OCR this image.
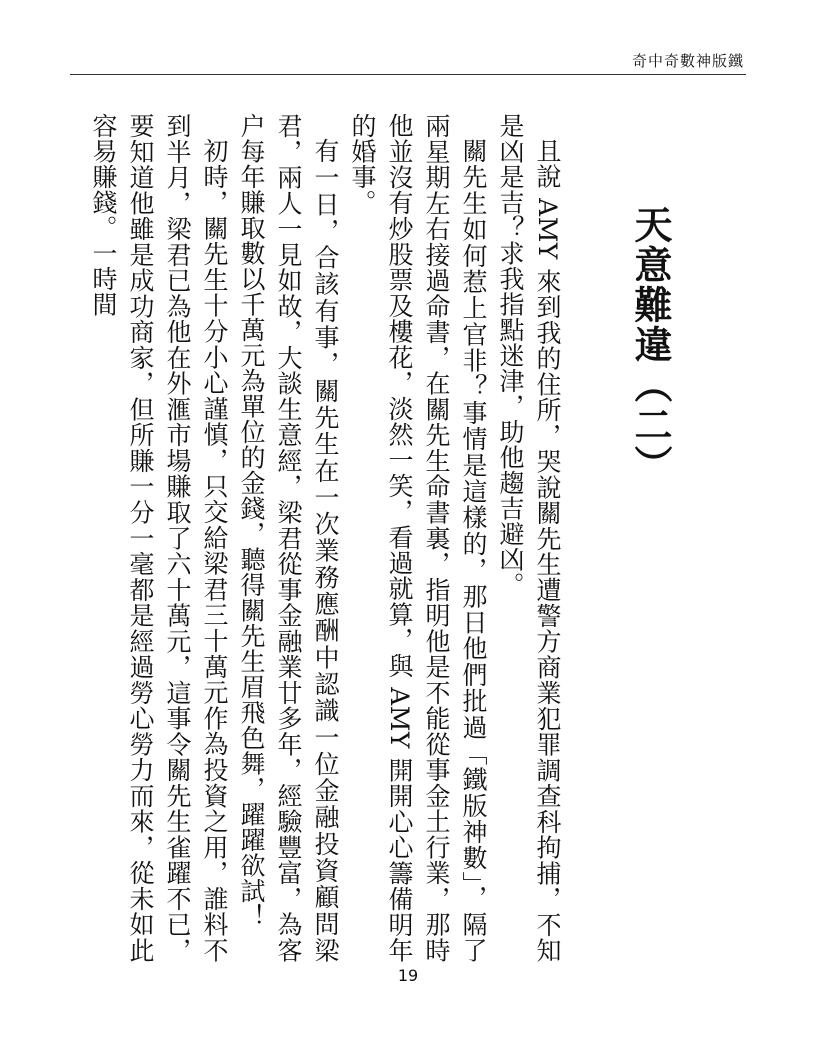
奇中奇數神版鐵
天意難違（二）

且說 AMY 來到我的住所，哭說關先生遭警方商業犯罪調查科拘捕，不知是凶是吉？求我指點迷津，助他趨吉避凶。

關先生如何惹上官非？事情是這樣的，那日他們批過「鐵版神數」，隔了兩星期左右接過命書，在關先生命書裏，指明他是不能從事金土行業，那時他並沒有炒股票及樓花，淡然一笑，看過就算，與 AMY 開開心心籌備明年的婚事。

有一日，合該有事，關先生在一次業務應酬中認識一位金融投資顧問梁君，兩人一見如故，大談生意經，梁君從事金融業廿多年，經驗豐富，為客户每年賺取數以千萬元為單位的金錢，聽得關先生眉飛色舞，躍躍欲試！

初時，關先生十分小心謹慎，只交給梁君三十萬元作為投資之用，誰料不到半月，梁君已為他在外滙市場賺取了六十萬元，這事令關先生雀躍不已，要知道他雖是成功商家，但所賺一分一毫都是經過勞心勞力而來，從未如此容易賺錢。一時間

19
